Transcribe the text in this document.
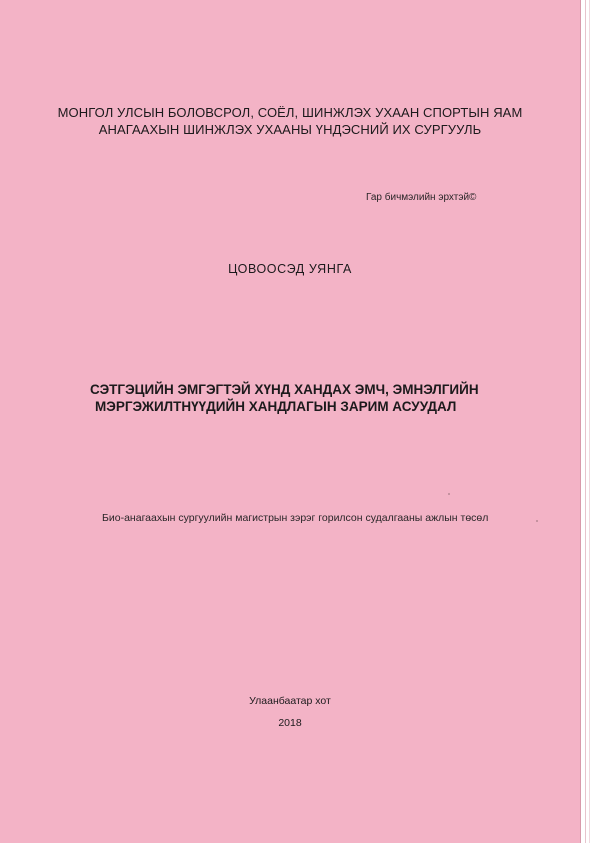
МОНГОЛ УЛСЫН БОЛОВСРОЛ, СОЁЛ, ШИНЖЛЭХ УХААН СПОРТЫН ЯАМ
АНАГААХЫН ШИНЖЛЭХ УХААНЫ ҮНДЭСНИЙ ИХ СУРГУУЛЬ
Гар бичмэлийн эрхтэй©
ЦОВООСЭД УЯНГА
СЭТГЭЦИЙН ЭМГЭГТЭЙ ХҮНД ХАНДАХ ЭМЧ, ЭМНЭЛГИЙН
МЭРГЭЖИЛТНҮҮДИЙН ХАНДЛАГЫН ЗАРИМ АСУУДАЛ
Био-анагаахын сургуулийн магистрын зэрэг горилсон судалгааны ажлын төсөл
Улаанбаатар хот
2018
